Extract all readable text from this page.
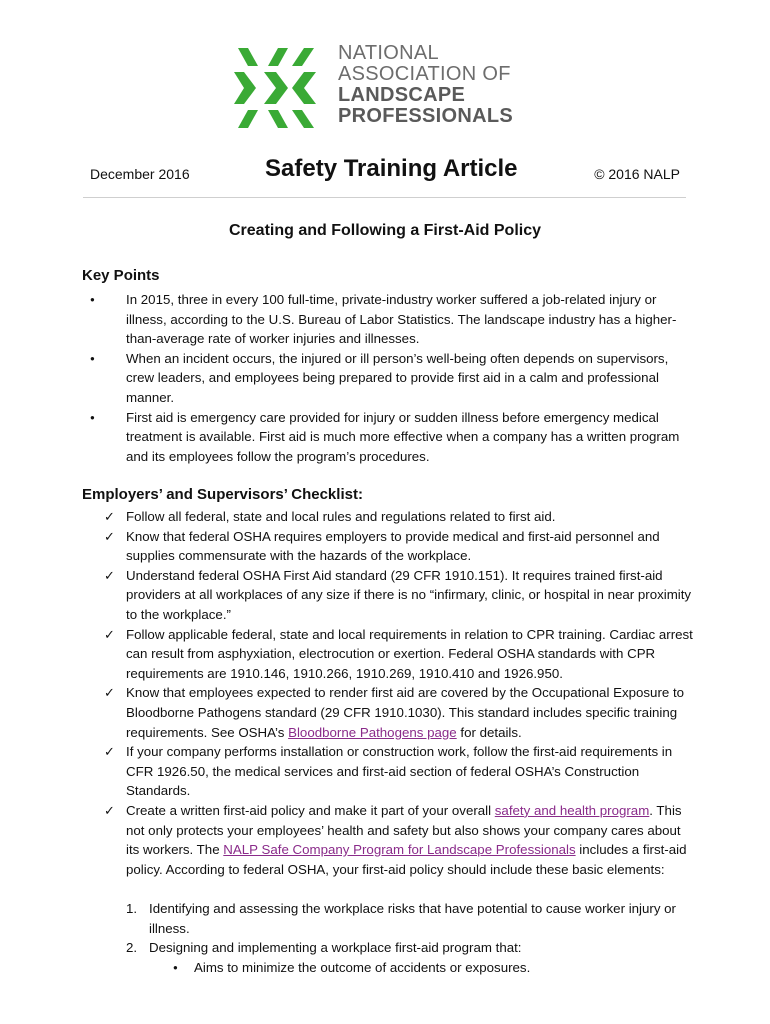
NATIONAL
ASSOCIATION OF
LANDSCAPE
PROFESSIONALS
December 2016	Safety Training Article	© 2016 NALP
Creating and Following a First-Aid Policy
Key Points
● In 2015, three in every 100 full-time, private-industry worker suffered a job-related injury or illness, according to the U.S. Bureau of Labor Statistics. The landscape industry has a higher-than-average rate of worker injuries and illnesses.
● When an incident occurs, the injured or ill person’s well-being often depends on supervisors, crew leaders, and employees being prepared to provide first aid in a calm and professional manner.
● First aid is emergency care provided for injury or sudden illness before emergency medical treatment is available. First aid is much more effective when a company has a written program and its employees follow the program’s procedures.
Employers’ and Supervisors’ Checklist:
✓ Follow all federal, state and local rules and regulations related to first aid.
✓ Know that federal OSHA requires employers to provide medical and first-aid personnel and supplies commensurate with the hazards of the workplace.
✓ Understand federal OSHA First Aid standard (29 CFR 1910.151). It requires trained first-aid providers at all workplaces of any size if there is no “infirmary, clinic, or hospital in near proximity to the workplace.”
✓ Follow applicable federal, state and local requirements in relation to CPR training. Cardiac arrest can result from asphyxiation, electrocution or exertion. Federal OSHA standards with CPR requirements are 1910.146, 1910.266, 1910.269, 1910.410 and 1926.950.
✓ Know that employees expected to render first aid are covered by the Occupational Exposure to Bloodborne Pathogens standard (29 CFR 1910.1030). This standard includes specific training requirements. See OSHA’s Bloodborne Pathogens page for details.
✓ If your company performs installation or construction work, follow the first-aid requirements in CFR 1926.50, the medical services and first-aid section of federal OSHA’s Construction Standards.
✓ Create a written first-aid policy and make it part of your overall safety and health program. This not only protects your employees’ health and safety but also shows your company cares about its workers. The NALP Safe Company Program for Landscape Professionals includes a first-aid policy. According to federal OSHA, your first-aid policy should include these basic elements:
1. Identifying and assessing the workplace risks that have potential to cause worker injury or illness.
2. Designing and implementing a workplace first-aid program that:
● Aims to minimize the outcome of accidents or exposures.
